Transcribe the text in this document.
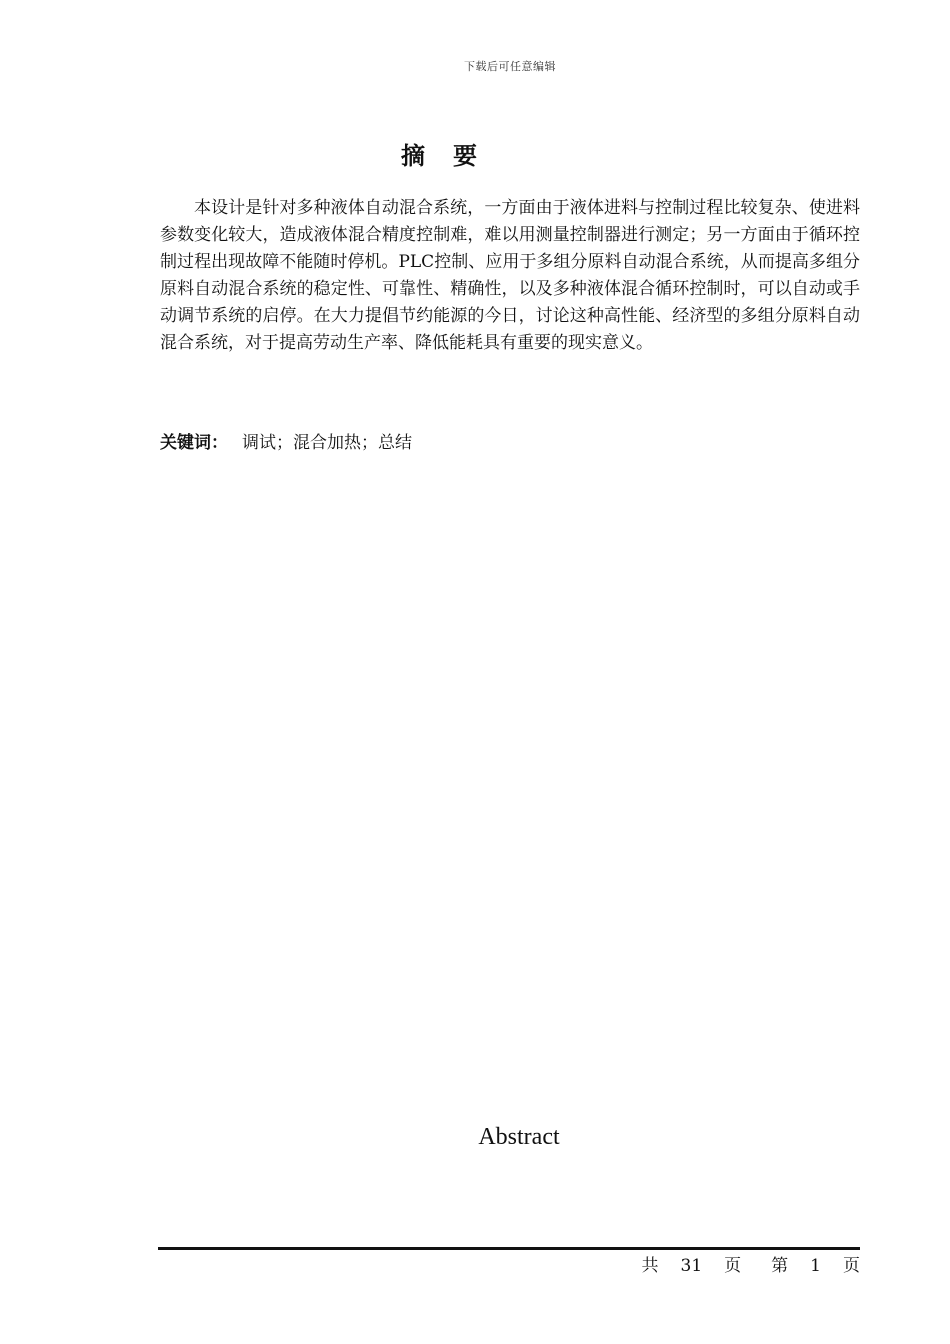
下载后可任意编辑
摘　要

本设计是针对多种液体自动混合系统，一方面由于液体进料与控制过程比较复杂、使进料参数变化较大，造成液体混合精度控制难，难以用测量控制器进行测定；另一方面由于循环控制过程出现故障不能随时停机。PLC控制、应用于多组分原料自动混合系统，从而提高多组分原料自动混合系统的稳定性、可靠性、精确性，以及多种液体混合循环控制时，可以自动或手动调节系统的启停。在大力提倡节约能源的今日，讨论这种高性能、经济型的多组分原料自动混合系统，对于提高劳动生产率、降低能耗具有重要的现实意义。

关键词： 调试；混合加热；总结
Abstract
共 31 页 第 1 页
